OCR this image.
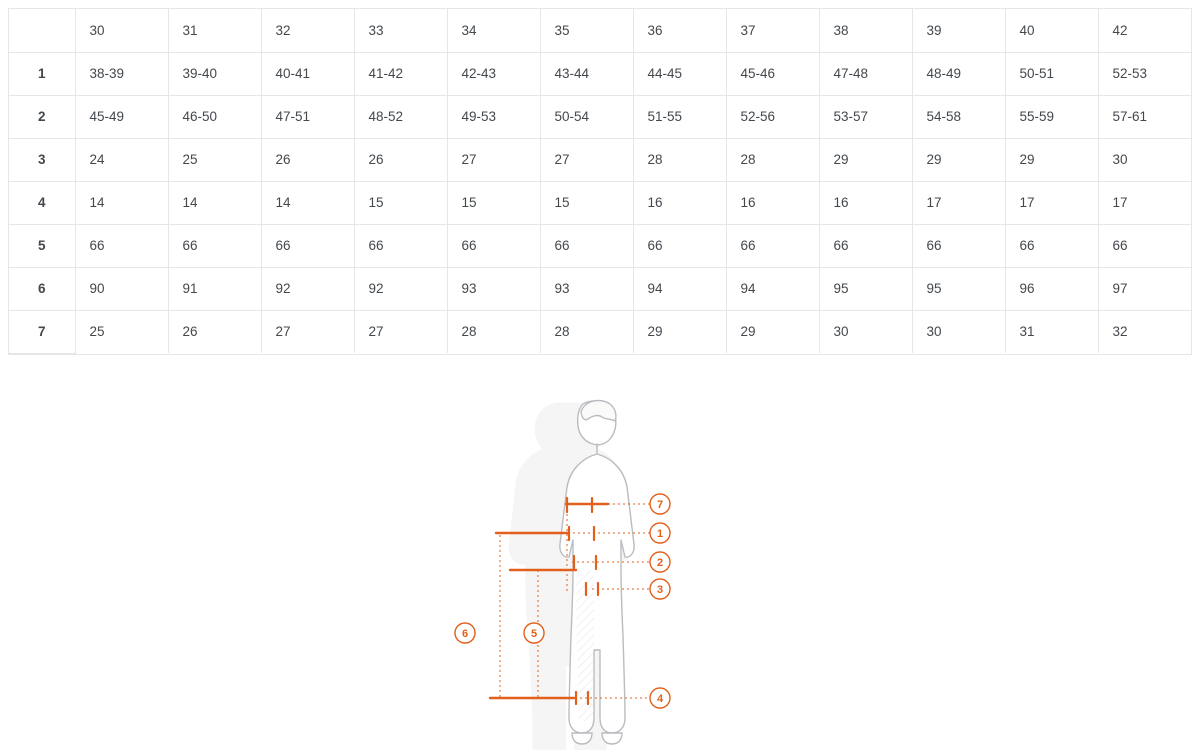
	30	31	32	33	34	35	36	37	38	39	40	42
1	38-39	39-40	40-41	41-42	42-43	43-44	44-45	45-46	47-48	48-49	50-51	52-53
2	45-49	46-50	47-51	48-52	49-53	50-54	51-55	52-56	53-57	54-58	55-59	57-61
3	24	25	26	26	27	27	28	28	29	29	29	30
4	14	14	14	15	15	15	16	16	16	17	17	17
5	66	66	66	66	66	66	66	66	66	66	66	66
6	90	91	92	92	93	93	94	94	95	95	96	97
7	25	26	27	27	28	28	29	29	30	30	31	32
7
1
2
3
6	5
4
